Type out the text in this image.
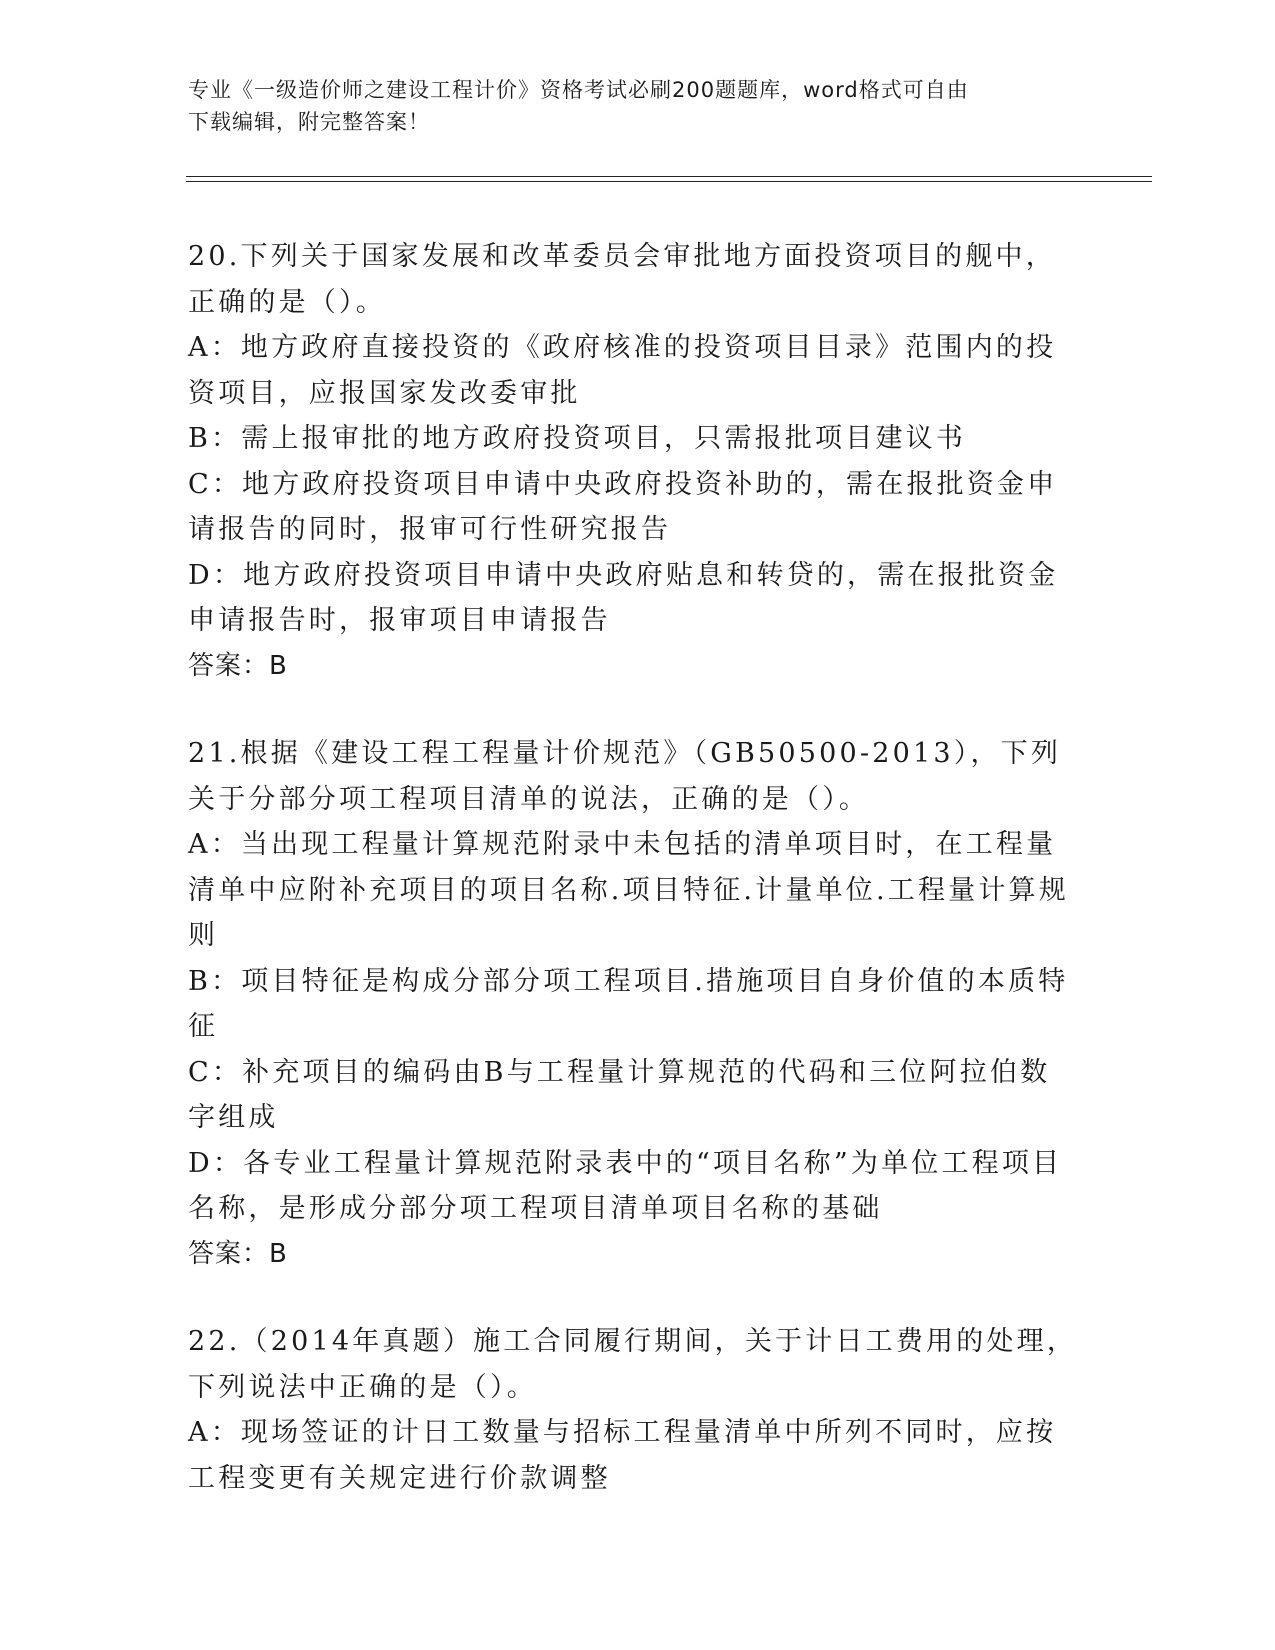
专业《一级造价师之建设工程计价》资格考试必刷200题题库，word格式可自由
下载编辑，附完整答案！

20.下列关于国家发展和改革委员会审批地方面投资项目的舰中，正确的是（）。

A：地方政府直接投资的《政府核准的投资项目目录》范围内的投资项目，应报国家发改委审批

B：需上报审批的地方政府投资项目，只需报批项目建议书

C：地方政府投资项目申请中央政府投资补助的，需在报批资金申请报告的同时，报审可行性研究报告

D：地方政府投资项目申请中央政府贴息和转贷的，需在报批资金申请报告时，报审项目申请报告

答案：B

21.根据《建设工程工程量计价规范》（GB50500-2013），下列关于分部分项工程项目清单的说法，正确的是（）。

A：当出现工程量计算规范附录中未包括的清单项目时，在工程量清单中应附补充项目的项目名称.项目特征.计量单位.工程量计算规则

B：项目特征是构成分部分项工程项目.措施项目自身价值的本质特征

C：补充项目的编码由B与工程量计算规范的代码和三位阿拉伯数字组成

D：各专业工程量计算规范附录表中的“项目名称”为单位工程项目名称，是形成分部分项工程项目清单项目名称的基础

答案：B

22.（2014年真题）施工合同履行期间，关于计日工费用的处理，下列说法中正确的是（）。

A：现场签证的计日工数量与招标工程量清单中所列不同时，应按工程变更有关规定进行价款调整
